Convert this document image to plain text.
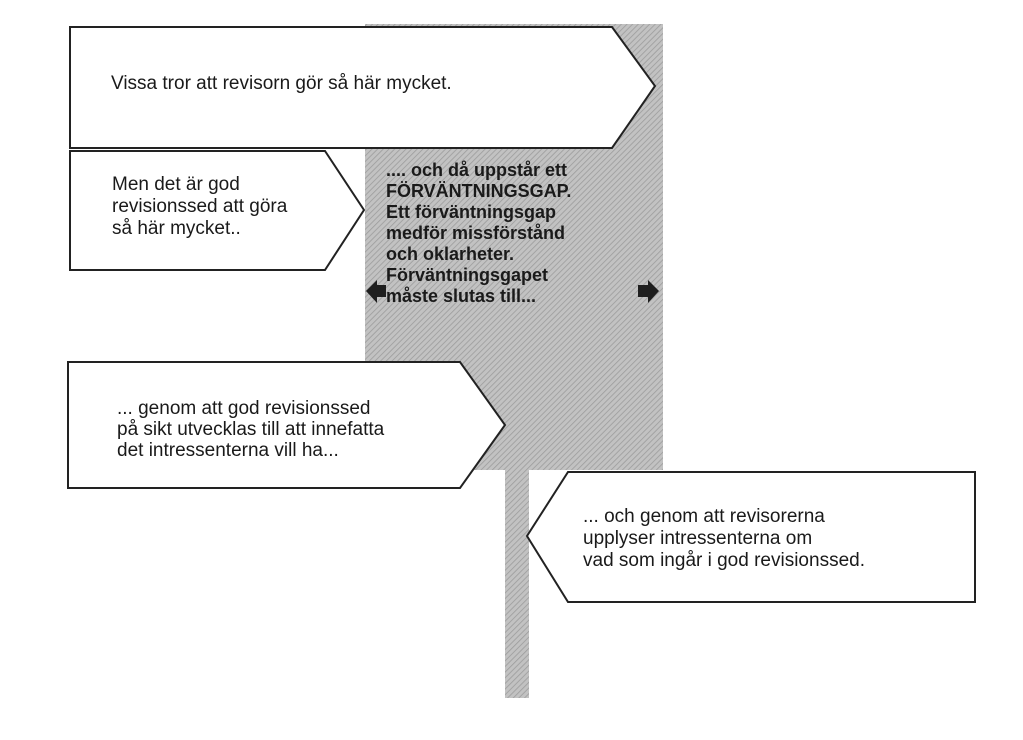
Vissa tror att revisorn gör så här mycket.
Men det är god
revisionssed att göra
så här mycket..
.... och då uppstår ett
FÖRVÄNTNINGSGAP.
Ett förväntningsgap
medför missförstånd
och oklarheter.
Förväntningsgapet
måste slutas till...
... genom att god revisionssed
på sikt utvecklas till att innefatta
det intressenterna vill ha...
... och genom att revisorerna
upplyser intressenterna om
vad som ingår i god revisionssed.
